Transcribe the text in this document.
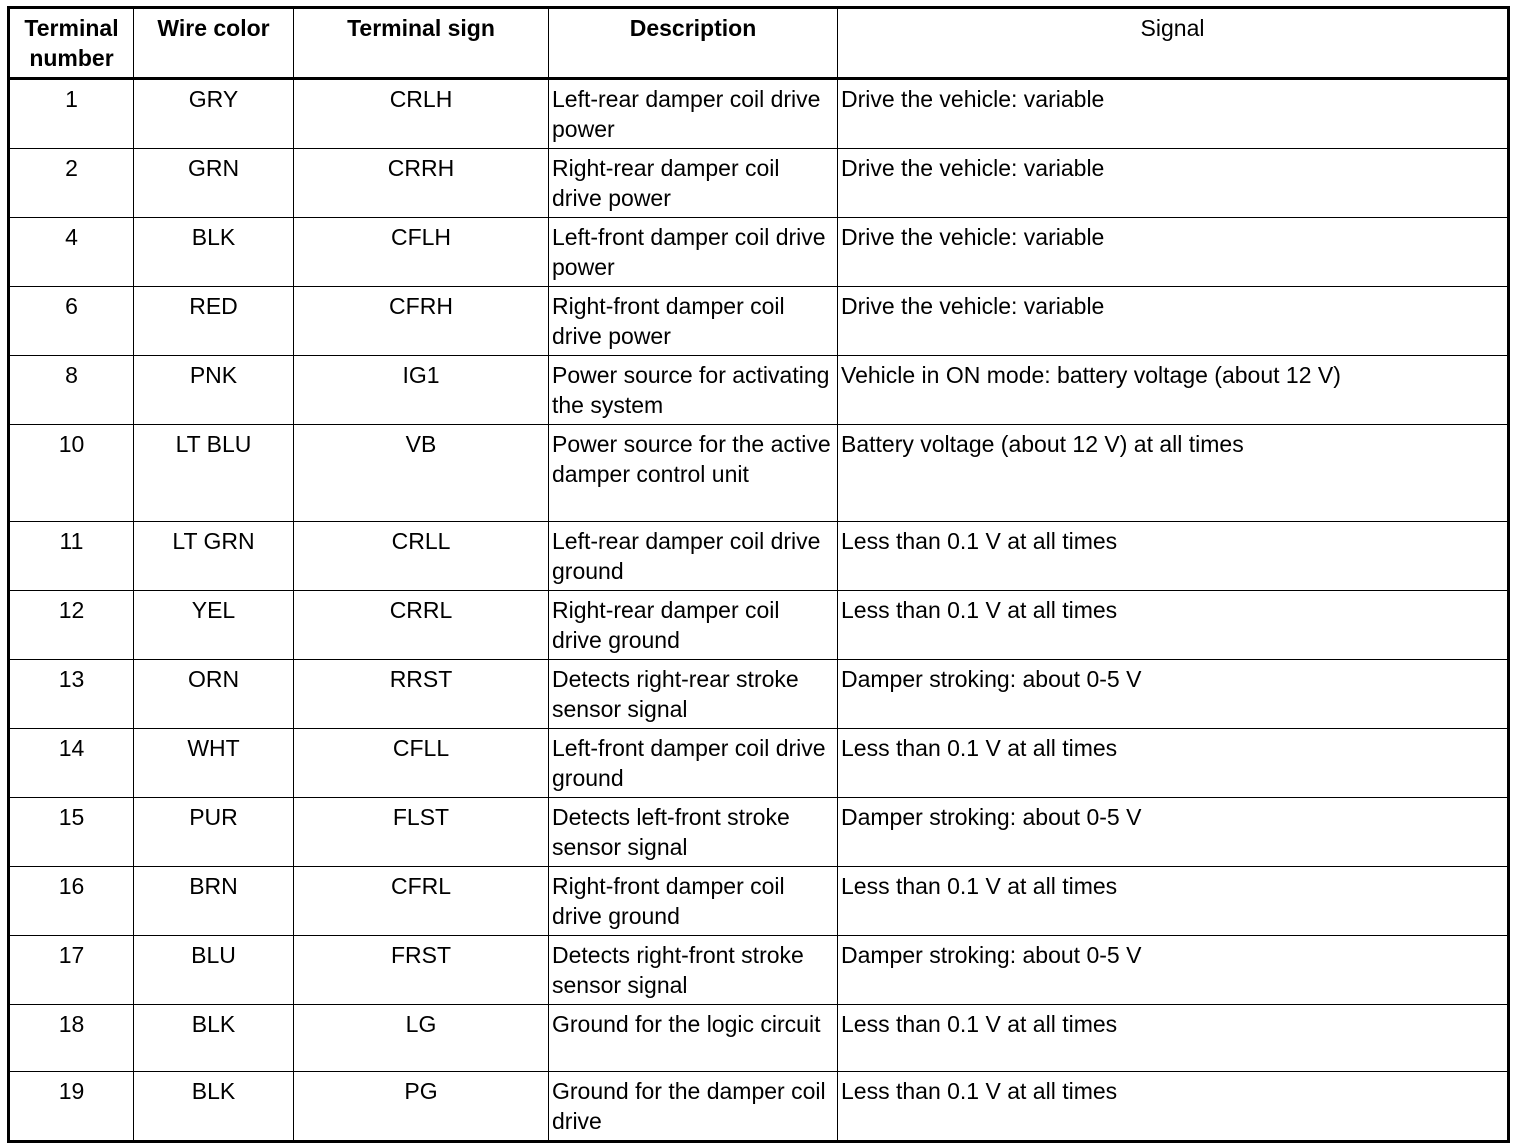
Terminal number	Wire color	Terminal sign	Description	Signal
1	GRY	CRLH	Left-rear damper coil drive power	Drive the vehicle: variable
2	GRN	CRRH	Right-rear damper coil drive power	Drive the vehicle: variable
4	BLK	CFLH	Left-front damper coil drive power	Drive the vehicle: variable
6	RED	CFRH	Right-front damper coil drive power	Drive the vehicle: variable
8	PNK	IG1	Power source for activating the system	Vehicle in ON mode: battery voltage (about 12 V)
10	LT BLU	VB	Power source for the active damper control unit	Battery voltage (about 12 V) at all times
11	LT GRN	CRLL	Left-rear damper coil drive ground	Less than 0.1 V at all times
12	YEL	CRRL	Right-rear damper coil drive ground	Less than 0.1 V at all times
13	ORN	RRST	Detects right-rear stroke sensor signal	Damper stroking: about 0-5 V
14	WHT	CFLL	Left-front damper coil drive ground	Less than 0.1 V at all times
15	PUR	FLST	Detects left-front stroke sensor signal	Damper stroking: about 0-5 V
16	BRN	CFRL	Right-front damper coil drive ground	Less than 0.1 V at all times
17	BLU	FRST	Detects right-front stroke sensor signal	Damper stroking: about 0-5 V
18	BLK	LG	Ground for the logic circuit	Less than 0.1 V at all times
19	BLK	PG	Ground for the damper coil drive	Less than 0.1 V at all times
